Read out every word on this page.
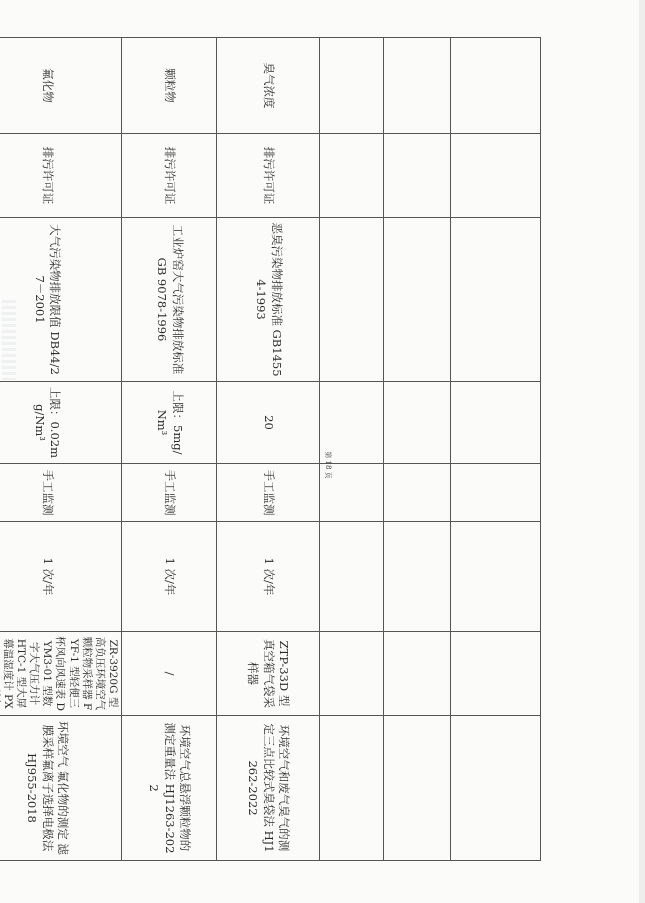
臭气浓度	排污许可证	恶臭污染物排放标准 GB14554-1993	20	手工监测	1 次/年	ZTP-33D 型真空箱气袋采样器	环境空气和废气臭气的测定三点比较式臭袋法 HJ1262-2022
颗粒物	排污许可证	工业炉窑大气污染物排放标准 GB 9078-1996	上限：5mg/Nm³	手工监测	1 次/年	/	环境空气总悬浮颗粒物的测定重量法 HJ1263-2022
氟化物	排污许可证	大气污染物排放限值 DB44/27－2001	上限：0.02mg/Nm³	手工监测	1 次/年	ZR-3920G 型高负压环境空气颗粒物采样器 FYF-1 型轻便三杯风向风速表 DYM3-01 型数字大气压力计 HTC-1 型大屏幕温湿度计 PX	环境空气 氟化物的测定 滤膜采样氟离子选择电极法 HJ955-2018
第 18 页
